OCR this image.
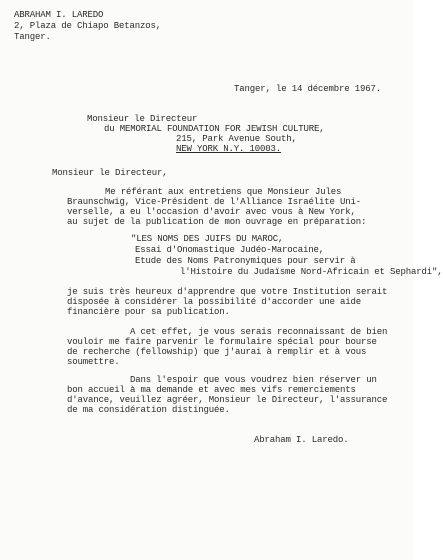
ABRAHAM I. LAREDO
2, Plaza de Chiapo Betanzos,
Tanger.
Tanger, le 14 décembre 1967.
Monsieur le Directeur
du MEMORIAL FOUNDATION FOR JEWISH CULTURE,
215, Park Avenue South,
NEW YORK N.Y. 10003.
Monsieur le Directeur,
Me référant aux entretiens que Monsieur Jules
Braunschwig, Vice-Président de l'Alliance Israélite Uni-
verselle, a eu l'occasion d'avoir avec vous à New York,
au sujet de la publication de mon ouvrage en préparation:
"LES NOMS DES JUIFS DU MAROC,
Essai d'Onomastique Judéo-Marocaine,
Etude des Noms Patronymiques pour servir à
l'Histoire du Judaïsme Nord-Africain et Sephardi",
je suis très heureux d'apprendre que votre Institution serait
disposée à considérer la possibilité d'accorder une aide
financière pour sa publication.
A cet effet, je vous serais reconnaissant de bien
vouloir me faire parvenir le formulaire spécial pour bourse
de recherche (fellowship) que j'aurai à remplir et à vous
soumettre.
Dans l'espoir que vous voudrez bien réserver un
bon accueil à ma demande et avec mes vifs remerciements
d'avance, veuillez agréer, Monsieur le Directeur, l'assurance
de ma considération distinguée.
Abraham I. Laredo.
